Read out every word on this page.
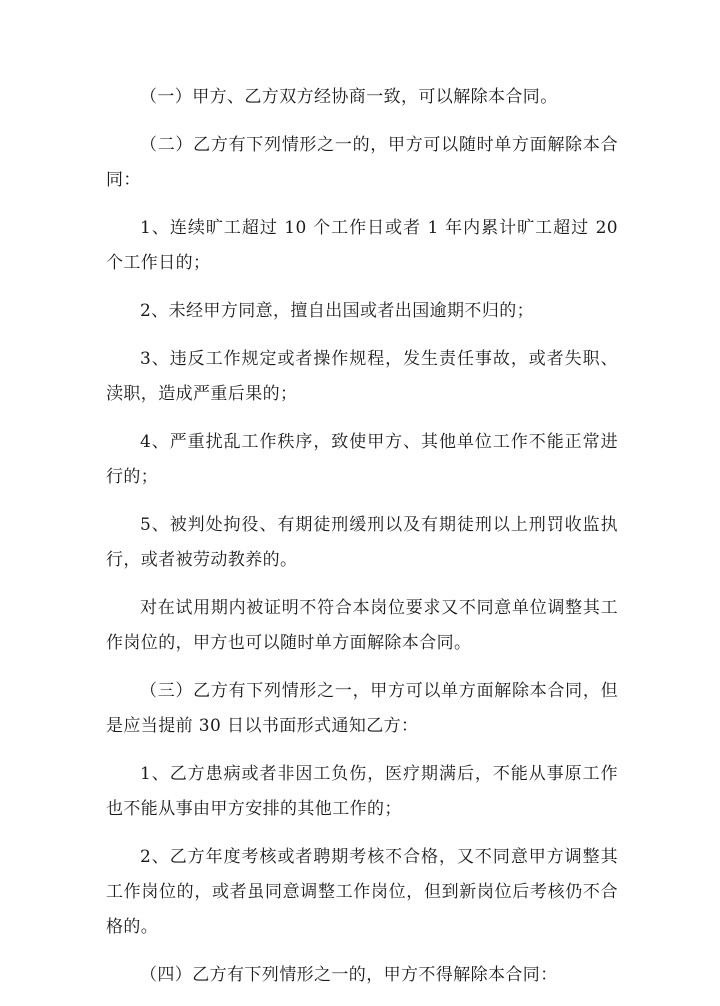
（一）甲方、乙方双方经协商一致，可以解除本合同。

（二）乙方有下列情形之一的，甲方可以随时单方面解除本合同：

1、连续旷工超过 10 个工作日或者 1 年内累计旷工超过 20 个工作日的；

2、未经甲方同意，擅自出国或者出国逾期不归的；

3、违反工作规定或者操作规程，发生责任事故，或者失职、渎职，造成严重后果的；

4、严重扰乱工作秩序，致使甲方、其他单位工作不能正常进行的；

5、被判处拘役、有期徒刑缓刑以及有期徒刑以上刑罚收监执行，或者被劳动教养的。

对在试用期内被证明不符合本岗位要求又不同意单位调整其工作岗位的，甲方也可以随时单方面解除本合同。

（三）乙方有下列情形之一，甲方可以单方面解除本合同，但是应当提前 30 日以书面形式通知乙方：

1、乙方患病或者非因工负伤，医疗期满后，不能从事原工作也不能从事由甲方安排的其他工作的；

2、乙方年度考核或者聘期考核不合格，又不同意甲方调整其工作岗位的，或者虽同意调整工作岗位，但到新岗位后考核仍不合格的。

（四）乙方有下列情形之一的，甲方不得解除本合同：
